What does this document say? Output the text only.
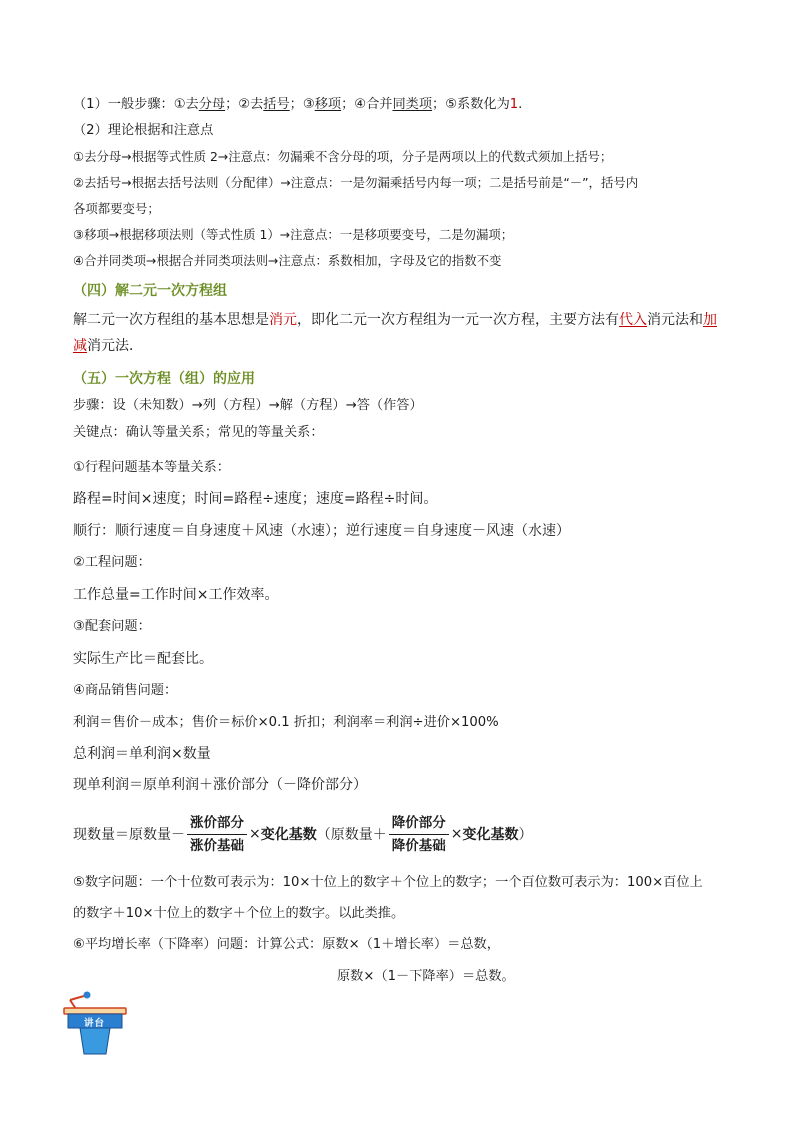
（1）一般步骤：①去分母；②去括号；③移项；④合并同类项；⑤系数化为1.
（2）理论根据和注意点
①去分母→根据等式性质 2→注意点：勿漏乘不含分母的项，分子是两项以上的代数式须加上括号；
②去括号→根据去括号法则（分配律）→注意点：一是勿漏乘括号内每一项；二是括号前是“－”，括号内
各项都要变号；
③移项→根据移项法则（等式性质 1）→注意点：一是移项要变号，二是勿漏项；
④合并同类项→根据合并同类项法则→注意点：系数相加，字母及它的指数不变
（四）解二元一次方程组
解二元一次方程组的基本思想是消元，即化二元一次方程组为一元一次方程，主要方法有代入消元法和加
减消元法．
（五）一次方程（组）的应用
步骤：设（未知数）→列（方程）→解（方程）→答（作答）
关键点：确认等量关系；常见的等量关系：
①行程问题基本等量关系：
路程=时间×速度；时间=路程÷速度；速度=路程÷时间。
顺行：顺行速度＝自身速度＋风速（水速）；逆行速度＝自身速度－风速（水速）
②工程问题：
工作总量=工作时间×工作效率。
③配套问题：
实际生产比＝配套比。
④商品销售问题：
利润＝售价－成本；售价＝标价×0.1 折扣；利润率＝利润÷进价×100%
总利润＝单利润×数量
现单利润＝原单利润＋涨价部分（－降价部分）
现数量＝原数量－ $\frac{\text{涨价部分}}{\text{涨价基础}}$ × 变化基数 （原数量＋ $\frac{\text{降价部分}}{\text{降价基础}}$ × 变化基数 ）
⑤数字问题：一个十位数可表示为：10×十位上的数字＋个位上的数字；一个百位数可表示为：100×百位上
的数字＋10×十位上的数字＋个位上的数字。以此类推。
⑥平均增长率（下降率）问题：计算公式：原数×（1＋增长率）＝总数，
原数×（1－下降率）＝总数。
讲台
